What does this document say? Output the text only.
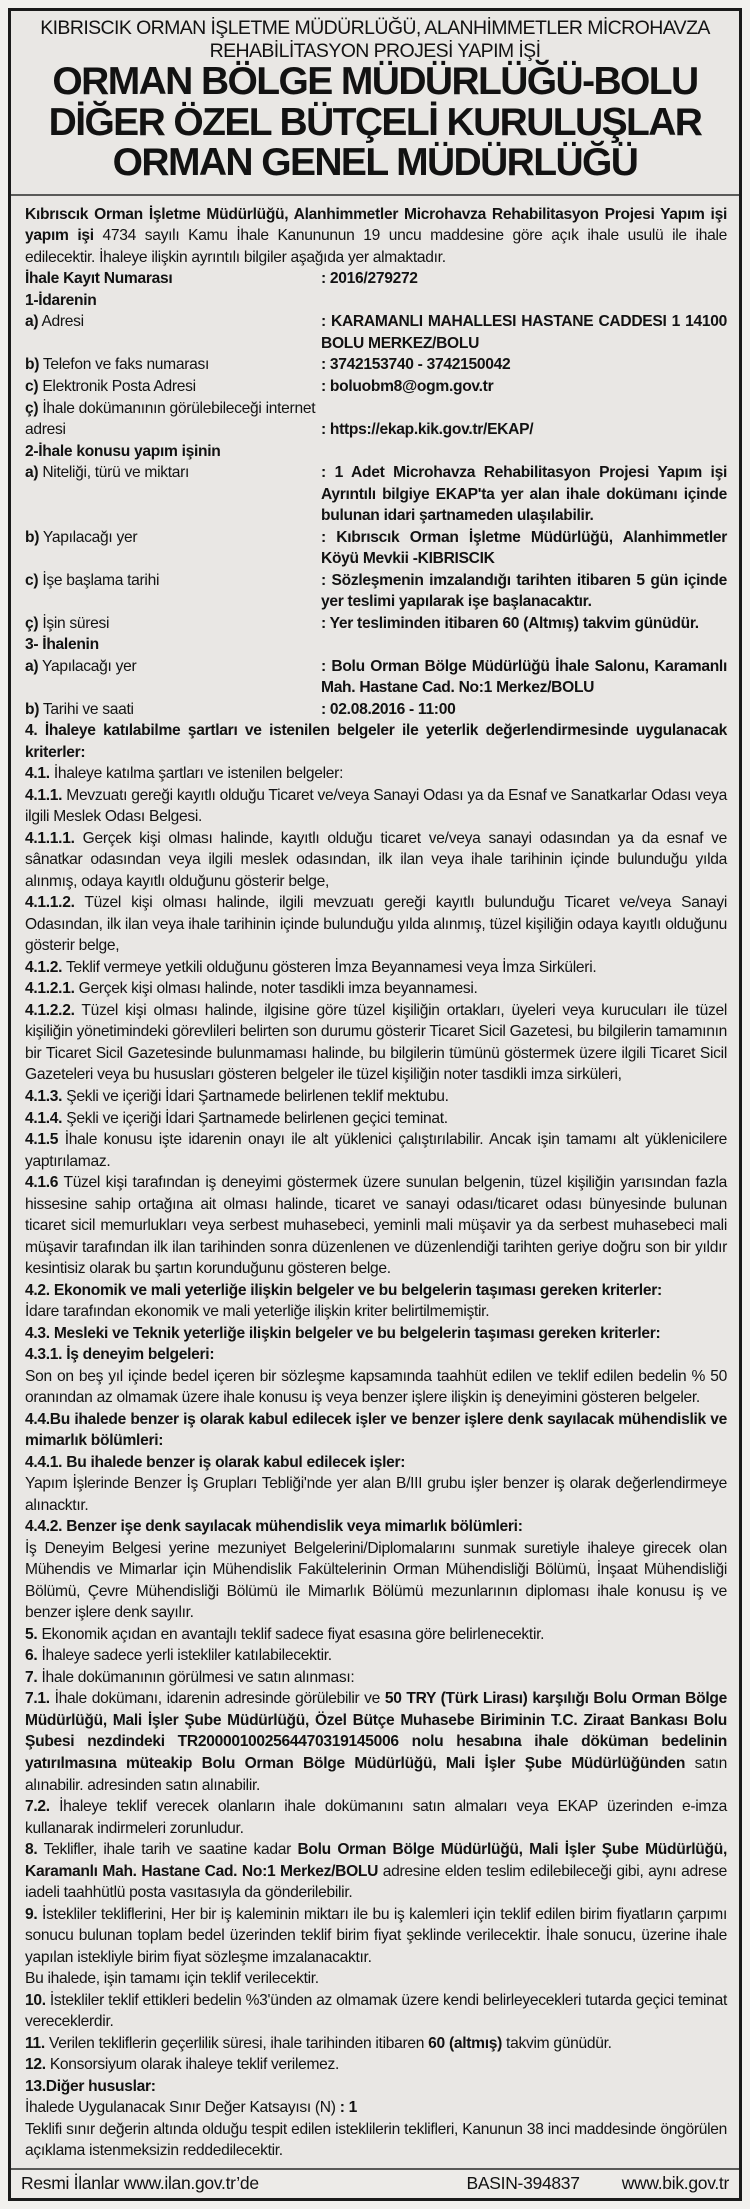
KIBRISCIK ORMAN İŞLETME MÜDÜRLÜĞÜ, ALANHİMMETLER MİCROHAVZA
REHABİLİTASYON PROJESİ YAPIM İŞİ
ORMAN BÖLGE MÜDÜRLÜĞÜ-BOLU
DİĞER ÖZEL BÜTÇELİ KURULUŞLAR
ORMAN GENEL MÜDÜRLÜĞÜ

Kıbrıscık Orman İşletme Müdürlüğü, Alanhimmetler Microhavza Rehabilitasyon Projesi Yapım işi yapım işi 4734 sayılı Kamu İhale Kanununun 19 uncu maddesine göre açık ihale usulü ile ihale edilecektir. İhaleye ilişkin ayrıntılı bilgiler aşağıda yer almaktadır.

İhale Kayıt Numarası	: 2016/279272
1-İdarenin
a) Adresi	: KARAMANLI MAHALLESI HASTANE CADDESI 1 14100 BOLU MERKEZ/BOLU
b) Telefon ve faks numarası	: 3742153740 - 3742150042
c) Elektronik Posta Adresi	: boluobm8@ogm.gov.tr
ç) İhale dokümanının görülebileceği internet adresi	: https://ekap.kik.gov.tr/EKAP/
2-İhale konusu yapım işinin
a) Niteliği, türü ve miktarı	: 1 Adet Microhavza Rehabilitasyon Projesi Yapım işi Ayrıntılı bilgiye EKAP'ta yer alan ihale dokümanı içinde bulunan idari şartnameden ulaşılabilir.
b) Yapılacağı yer	: Kıbrıscık Orman İşletme Müdürlüğü, Alanhimmetler Köyü Mevkii -KIBRISCIK
c) İşe başlama tarihi	: Sözleşmenin imzalandığı tarihten itibaren 5 gün içinde yer teslimi yapılarak işe başlanacaktır.
ç) İşin süresi	: Yer tesliminden itibaren 60 (Altmış) takvim günüdür.
3- İhalenin
a) Yapılacağı yer	: Bolu Orman Bölge Müdürlüğü İhale Salonu, Karamanlı Mah. Hastane Cad. No:1 Merkez/BOLU
b) Tarihi ve saati	: 02.08.2016 - 11:00

4. İhaleye katılabilme şartları ve istenilen belgeler ile yeterlik değerlendirmesinde uygulanacak kriterler:

4.1. İhaleye katılma şartları ve istenilen belgeler:

4.1.1. Mevzuatı gereği kayıtlı olduğu Ticaret ve/veya Sanayi Odası ya da Esnaf ve Sanatkarlar Odası veya ilgili Meslek Odası Belgesi.

4.1.1.1. Gerçek kişi olması halinde, kayıtlı olduğu ticaret ve/veya sanayi odasından ya da esnaf ve sânatkar odasından veya ilgili meslek odasından, ilk ilan veya ihale tarihinin içinde bulunduğu yılda alınmış, odaya kayıtlı olduğunu gösterir belge,

4.1.1.2. Tüzel kişi olması halinde, ilgili mevzuatı gereği kayıtlı bulunduğu Ticaret ve/veya Sanayi Odasından, ilk ilan veya ihale tarihinin içinde bulunduğu yılda alınmış, tüzel kişiliğin odaya kayıtlı olduğunu gösterir belge,

4.1.2. Teklif vermeye yetkili olduğunu gösteren İmza Beyannamesi veya İmza Sirküleri.

4.1.2.1. Gerçek kişi olması halinde, noter tasdikli imza beyannamesi.

4.1.2.2. Tüzel kişi olması halinde, ilgisine göre tüzel kişiliğin ortakları, üyeleri veya kurucuları ile tüzel kişiliğin yönetimindeki görevlileri belirten son durumu gösterir Ticaret Sicil Gazetesi, bu bilgilerin tamamının bir Ticaret Sicil Gazetesinde bulunmaması halinde, bu bilgilerin tümünü göstermek üzere ilgili Ticaret Sicil Gazeteleri veya bu hususları gösteren belgeler ile tüzel kişiliğin noter tasdikli imza sirküleri,

4.1.3. Şekli ve içeriği İdari Şartnamede belirlenen teklif mektubu.

4.1.4. Şekli ve içeriği İdari Şartnamede belirlenen geçici teminat.

4.1.5 İhale konusu işte idarenin onayı ile alt yüklenici çalıştırılabilir. Ancak işin tamamı alt yüklenicilere yaptırılamaz.

4.1.6 Tüzel kişi tarafından iş deneyimi göstermek üzere sunulan belgenin, tüzel kişiliğin yarısından fazla hissesine sahip ortağına ait olması halinde, ticaret ve sanayi odası/ticaret odası bünyesinde bulunan ticaret sicil memurlukları veya serbest muhasebeci, yeminli mali müşavir ya da serbest muhasebeci mali müşavir tarafından ilk ilan tarihinden sonra düzenlenen ve düzenlendiği tarihten geriye doğru son bir yıldır kesintisiz olarak bu şartın korunduğunu gösteren belge.

4.2. Ekonomik ve mali yeterliğe ilişkin belgeler ve bu belgelerin taşıması gereken kriterler:

İdare tarafından ekonomik ve mali yeterliğe ilişkin kriter belirtilmemiştir.

4.3. Mesleki ve Teknik yeterliğe ilişkin belgeler ve bu belgelerin taşıması gereken kriterler:

4.3.1. İş deneyim belgeleri:

Son on beş yıl içinde bedel içeren bir sözleşme kapsamında taahhüt edilen ve teklif edilen bedelin % 50 oranından az olmamak üzere ihale konusu iş veya benzer işlere ilişkin iş deneyimini gösteren belgeler.

4.4.Bu ihalede benzer iş olarak kabul edilecek işler ve benzer işlere denk sayılacak mühendislik ve mimarlık bölümleri:

4.4.1. Bu ihalede benzer iş olarak kabul edilecek işler:

Yapım İşlerinde Benzer İş Grupları Tebliği'nde yer alan B/III grubu işler benzer iş olarak değerlendirmeye alınacktır.

4.4.2. Benzer işe denk sayılacak mühendislik veya mimarlık bölümleri:

İş Deneyim Belgesi yerine mezuniyet Belgelerini/Diplomalarını sunmak suretiyle ihaleye girecek olan Mühendis ve Mimarlar için Mühendislik Fakültelerinin Orman Mühendisliği Bölümü, İnşaat Mühendisliği Bölümü, Çevre Mühendisliği Bölümü ile Mimarlık Bölümü mezunlarının diploması ihale konusu iş ve benzer işlere denk sayılır.

5. Ekonomik açıdan en avantajlı teklif sadece fiyat esasına göre belirlenecektir.

6. İhaleye sadece yerli istekliler katılabilecektir.

7. İhale dokümanının görülmesi ve satın alınması:

7.1. İhale dokümanı, idarenin adresinde görülebilir ve 50 TRY (Türk Lirası) karşılığı Bolu Orman Bölge Müdürlüğü, Mali İşler Şube Müdürlüğü, Özel Bütçe Muhasebe Biriminin T.C. Ziraat Bankası Bolu Şubesi nezdindeki TR200001002564470319145006 nolu hesabına ihale döküman bedelinin yatırılmasına müteakip Bolu Orman Bölge Müdürlüğü, Mali İşler Şube Müdürlüğünden satın alınabilir. adresinden satın alınabilir.

7.2. İhaleye teklif verecek olanların ihale dokümanını satın almaları veya EKAP üzerinden e-imza kullanarak indirmeleri zorunludur.

8. Teklifler, ihale tarih ve saatine kadar Bolu Orman Bölge Müdürlüğü, Mali İşler Şube Müdürlüğü, Karamanlı Mah. Hastane Cad. No:1 Merkez/BOLU adresine elden teslim edilebileceği gibi, aynı adrese iadeli taahhütlü posta vasıtasıyla da gönderilebilir.

9. İstekliler tekliflerini, Her bir iş kaleminin miktarı ile bu iş kalemleri için teklif edilen birim fiyatların çarpımı sonucu bulunan toplam bedel üzerinden teklif birim fiyat şeklinde verilecektir. İhale sonucu, üzerine ihale yapılan istekliyle birim fiyat sözleşme imzalanacaktır.

Bu ihalede, işin tamamı için teklif verilecektir.

10. İstekliler teklif ettikleri bedelin %3'ünden az olmamak üzere kendi belirleyecekleri tutarda geçici teminat vereceklerdir.

11. Verilen tekliflerin geçerlilik süresi, ihale tarihinden itibaren 60 (altmış) takvim günüdür.

12. Konsorsiyum olarak ihaleye teklif verilemez.

13.Diğer hususlar:

İhalede Uygulanacak Sınır Değer Katsayısı (N) : 1

Teklifi sınır değerin altında olduğu tespit edilen isteklilerin teklifleri, Kanunun 38 inci maddesinde öngörülen açıklama istenmeksizin reddedilecektir.

Resmi İlanlar www.ilan.gov.tr’de	BASIN-394837 www.bik.gov.tr
